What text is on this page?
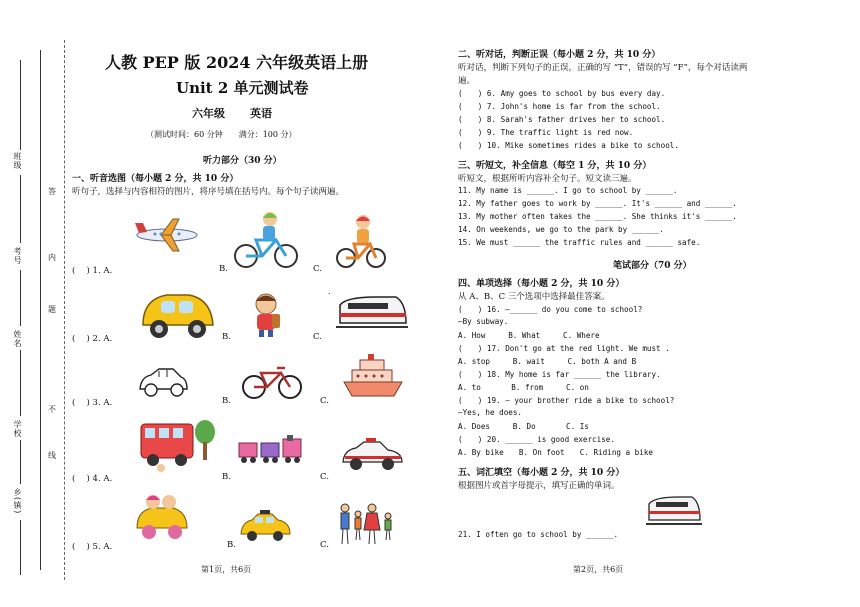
答
题
线
内
不
班级
考号
姓名
学校
乡(镇)
人教 PEP 版 2024 六年级英语上册
Unit 2 单元测试卷
六年级 英语
（测试时间：60 分钟　　满分：100 分）
听力部分（30 分）
一、听音选图（每小题 2 分，共 10 分）
听句子，选择与内容相符的图片，将序号填在括号内。每个句子读两遍。
(　 ) 1. A.	B.	C.
(　 ) 2. A.	B.	C.
(　 ) 3. A.	B.	C.
(　 ) 4. A.	B.	C.
(　 ) 5. A.	B.	C.
.
第1页，共6页
二、听对话，判断正误（每小题 2 分，共 10 分）
听对话，判断下列句子的正误，正确的写 “T”，错误的写 “F”，每个对话读两
遍。
(　　) 6. Amy goes to school by bus every day.
(　　) 7. John's home is far from the school.
(　　) 8. Sarah's father drives her to school.
(　　) 9. The traffic light is red now.
(　　) 10. Mike sometimes rides a bike to school.
三、听短文，补全信息（每空 1 分，共 10 分）
听短文，根据所听内容补全句子。短文读三遍。
11. My name is ______. I go to school by ______.
12. My father goes to work by ______. It's ______ and ______.
13. My mother often takes the ______. She thinks it's ______.
14. On weekends, we go to the park by ______.
15. We must ______ the traffic rules and ______ safe.
笔试部分（70 分）
四、单项选择（每小题 2 分，共 10 分）
从 A、B、C 三个选项中选择最佳答案。
(　　) 16. —______ do you come to school?
—By subway.
A. How　　　B. What　　　C. Where
(　　) 17. Don't go at the red light. We must .
A. stop　　　B. wait　　　C. both A and B
(　　) 18. My home is far ______ the library.
A. to　　　　B. from　　　C. on
(　　) 19. — your brother ride a bike to school?
—Yes, he does.
A. Does　　　B. Do　　　　C. Is
(　　) 20. ______ is good exercise.
A. By bike　　B. On foot　　C. Riding a bike
五、词汇填空（每小题 2 分，共 10 分）
根据图片或首字母提示，填写正确的单词。
21. I often go to school by ______.
第2页，共6页
